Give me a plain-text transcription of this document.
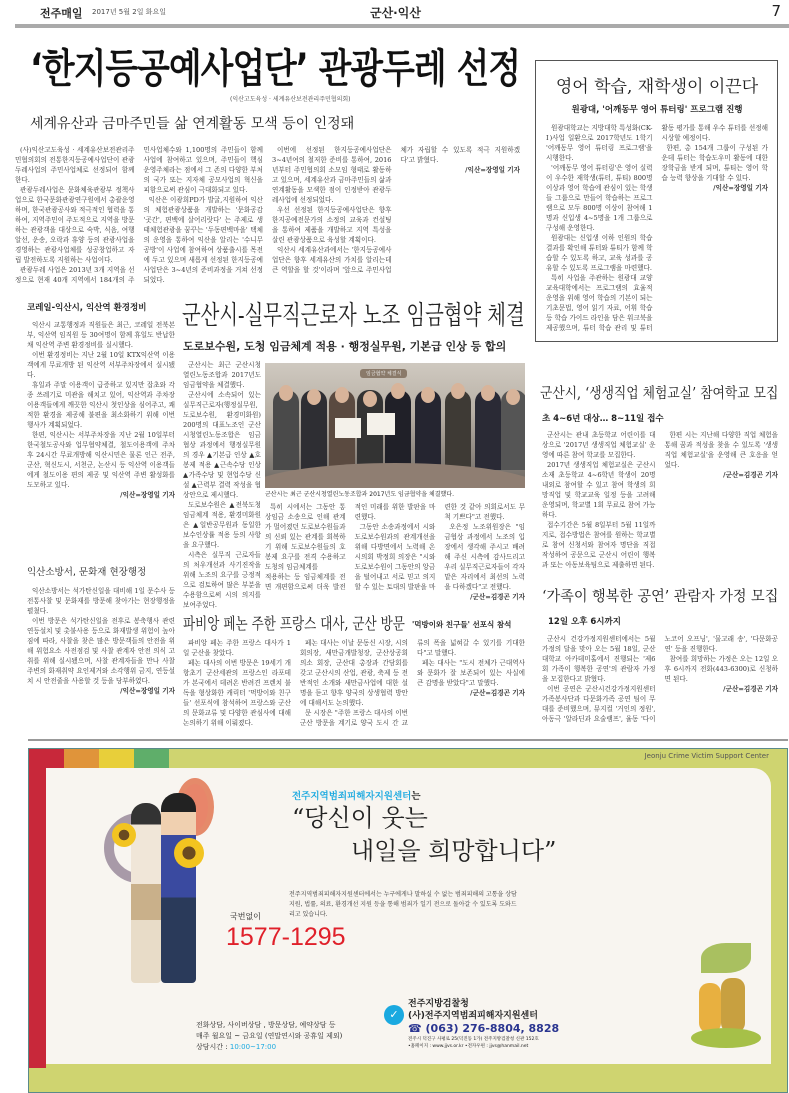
전주매일 2017년 5월 2일 화요일	군산·익산	7
‘한지등공예사업단’ 관광두레 선정
(익산고도육성 · 세계유산보전관리주민협의회)
세계유산과 금마주민들 삶 연계활동 모색 등이 인정돼

(사)익산고도육성 · 세계유산보전관리주민협의회의 전통한지등공예사업단이 관광두레사업의 주민사업체로 선정되어 함께 한다.

관광두레사업은 문화체육관광부 정책사업으로 한국문화관광연구원에서 총괄운영하며, 한국관광공사와 적극적인 협력을 통하여, 지역주민이 주도적으로 지역을 방문하는 관광객을 대상으로 숙박, 식음, 여행알선, 운송, 오락과 휴양 등의 관광사업을 경영하는 관광사업체를 성공창업하고 자립 발전하도록 지원하는 사업이다.

관광두레 사업은 2013년 3개 지역을 선정으로 현재 40개 지역에서 184개의 주민사업체수와 1,100명의 주민들이 함께 사업에 참여하고 있으며, 주민들이 핵심 운영주체라는 점에서 그 존의 다양한 부처의 국가 또는 지자체 공모사업의 혁신을 피함으로써 관심이 극대화되고 있다.

익산은 이광희PD가 발굴,지원하여 익산의 체험관광상품을 개발하는 '문화공감 '곳간', 편백에 살어리랏다' 는 주제로 생태체험관광을 꿈꾸는 '두동편백마을' 택체의 운영을 통하여 익산을 알리는 '수니무공방'이 사업에 참여하여 상품출시를 목전에 두고 있으며 새롭게 선정된 한지등공예사업단은 3~4년의 준비과정을 거쳐 선정되었다.

이번에 선정된 한지등공예사업단은 3~4년여의 철저한 준비를 통하여, 2016년부터 주민협의회 소모임 형태로 활동하고 있으며, 세계유산과 금마주민들의 삶과 연계활동을 모색한 점이 인정받아 관광두레사업에 선정되었다.

우선 선정된 한지등공예사업단은 향후 한지공예전문가의 소정의 교육과 컨설팅을 통하여 제품을 개발하고 지역 특성을 살린 관광상품으로 육성할 계획이다.

익산시 세계유산과에서는 '한지등공예사업단은 향후 세계유산의 가치를 알리는데 큰 역할을 할 것'이라며 '앞으로 주민사업체가 자립할 수 있도록 적극 지원하겠다'고 밝혔다.

/익산=장영일 기자
영어 학습, 재학생이 이끈다
원광대, '어깨동무 영어 튜터링' 프로그램 진행

원광대학교는 지방대학 특성화(CK-Ⅰ)사업 일환으로 2017학년도 1학기 '어깨동무 영어 튜터링 프로그램'을 시행한다.

'어깨동무 영어 튜터링'은 영어 실력이 우수한 재학생(튜터, 튜티) 800명 이상과 영어 학습에 관심이 있는 학생들 그룹으로 만들어 학습하는 프로그램으로 모두 800명 이상이 참여해 1명과 신입생 4~5명을 1개 그룹으로 구성해 운영한다.

원광대는 신입생 이하 인원의 학습결과를 확인해 튜터와 튜티가 함께 학습할 수 있도록 하고, 교육 성과를 공유할 수 있도록 프로그램을 마련했다.

특히 사업을 주관하는 원광대 교양교육대학에서는 프로그램의 효율적 운영을 위해 영어 학습의 기본이 되는 기초문법, 영어 읽기 자료, 어휘 학습 등 학습 가이드 라인을 담은 워크북을 제공했으며, 튜터 학습 관리 및 튜터 활동 평가를 통해 우수 튜터를 선정해 시상할 예정이다.

한편, 총 154개 그룹이 구성된 가운데 튜터는 학습도우미 활동에 대한 장학금을 받게 되며, 튜티는 영어 학습 능력 향상을 기대할 수 있다.

/익산=장영일 기자
코레일-익산시, 익산역 환경정비

익산시 교통행정과 직원들은 최근, 코레일 전북본부, 익산역 임직원 등 30여명이 함께 휴일도 반납한 채 익산역 주변 환경정비를 실시했다.

이번 환경정비는 지난 2월 10일 KTX익산역 이용객에게 무료개방 된 익산역 서부주차장에서 실시됐다.

휴일과 주말 이용객이 급증하고 있지만 잡초와 각종 쓰레기로 미관을 해치고 있어, 익산역과 주차장 이용객들에게 깨끗한 익산시 첫인상을 심어주고, 쾌적한 환경을 제공해 불편을 최소화하기 위해 이번 행사가 계획되었다.

한편, 익산시는 서부주차장을 지난 2월 10일부터 한국철도공사와 업무협약체결, 철도이용객에 주차 후 24시간 무료개방해 익산시민은 물론 인근 전주, 군산, 혁신도시, 서천군, 논산시 등 익산역 이용객들에게 철도이용 편의 제공 및 익산역 주변 활성화를 도모하고 있다.

/익산=장영일 기자
익산소방서, 문화재 현장행정

익산소방서는 석가탄신일을 대비해 1일 문수사 등 전통사찰 및 문화재를 방문해 찾아가는 현장행정을 펼쳤다.

이번 방문은 석가탄신일을 전후로 봉축행사 관련 연등설치 및 촛불사용 등으로 화재발생 위험이 높아짐에 따라, 사찰을 찾은 많은 방문객들의 안전을 위해 위험요소 사전점검 및 사찰 관계자 안전 의식 고취를 위해 실시됐으며, 사찰 관계자들을 만나 사찰 주변의 화재취약 요인제거와 소각행위 금지, 연등설치 시 안전줄을 사용할 것 등을 당부하였다.

/익산=장영일 기자
군산시-실무직근로자 노조 임금협약 체결
도로보수원, 도청 임금체계 적용 · 행정실무원, 기본급 인상 등 합의

군산시는 최근 군산시청열린노동조합과 2017년도 임금협약을 체결했다.

군산시에 소속되어 있는 실무직근로자(행정실무원, 도로보수원, 환경미화원) 200명의 대표노조인 군산시청열린노동조합은 임금협상 과정에서 행정실무원의 경우 ▲기본급 인상 ▲호봉제 적용 ▲근속수당 인상 ▲가족수당 및 현업수당 신설 ▲근력부 결력 작성을 협상안으로 제시했다.

도로보수원은 ▲전북도청 임금체계 적용, 환경미화원은 ▲일반공무원과 동일한 보수인상률 적용 등의 사항을 요구했다.

시측은 실무직 근로자들의 처우개선과 사기진작을 위해 노조의 요구를 긍정적으로 검토하여 많은 부분을 수용함으로써 시의 의지를 보여주었다.

임금협약 체결식
군산시는 최근 군산시청열린노동조합과 2017년도 임금협약을 체결했다.

특히 시에서는 그동안 통상임금 소송으로 인해 관계가 멀어졌던 도로보수원들과의 신뢰 있는 관계를 회복하기 위해 도로보수원들의 호봉제 요구를 전격 수용하고 도청의 임금체계를

적용하는 등 임금체계를 전면 개편함으로써 더욱 발전적인 미래를 위한 발판을 마련했다.

그동안 소송과정에서 시와 도로보수원과의 관계개선을 위해 다방면에서 노력해 온 시의회 박정희 의장은 "시와 도로보수원이 그동안의 앙금을 털어내고 서로 믿고 의지할 수 있는 토대의 발판을 마련한 것 같아 의회로서도 무척 기쁘다"고 전했다.

오은정 노조위원장은 "임금협상 과정에서 노조의 입장에서 생각해 주시고 배려해 주신 시측에 감사드리고 우리 실무직근로자들이 각자 맡은 자리에서 최선의 노력을 다하겠다"고 전했다.

/군산=김경곤 기자
파비앙 페논 주한 프랑스 대사, 군산 방문 '먹방이와 친구들' 선포식 참석

파비앙 페논 주한 프랑스 대사가 1일 군산을 찾았다.

페논 대사의 이번 방문은 19세기 개항초기 군산세관의 프랑스인 라포테가 본국에서 데려온 반려견 프렌치 불독을 형상화한 캐릭터 '먹방이와 친구들' 선포식에 참석하여 프랑스와 군산의 문화교류 및 다양한 관심사에 대해 논의하기 위해 이뤄졌다.

페논 대사는 이날 문동신 시장, 시의회의장, 새만금개발청장, 군산상공회의소 회장, 군산대 총장과 간담회를 갖고 군산시의 산업, 관광, 축제 등 전반적인 소개와 새만금사업에 대한 설명을 듣고 향후 양국의 상생협력 방안에 대해서도 논의했다.

문 시장은 "주한 프랑스 대사의 이번 군산 방문을 계기로 양국 도시 간 교류의 폭을 넓혀갈 수 있기를 기대한다"고 말했다.

페논 대사는 "도시 전체가 근대역사와 문화가 잘 보존되어 있는 사실에 큰 감명을 받았다"고 말했다.

/군산=김경곤 기자
군산시, ‘생생직업 체험교실’ 참여학교 모집
초 4~6년 대상… 8~11일 접수

군산시는 관내 초등학교 어린이를 대상으로 '2017년 생생직업 체험교실' 운영에 따른 참여 학교를 모집한다.

2017년 생생직업 체험교실은 군산시 소재 초등학교 4~6학년 학생이 20명 내외로 참여할 수 있고 참여 학생의 희망직업 및 학교교육 일정 등을 고려해 운영되며, 학교별 1회 무료로 참여 가능하다.

접수기간은 5월 8일부터 5월 11일까지로, 접수방법은 참여를 원하는 학교별로 참여 신청서와 참여자 명단을 직접 작성하여 공문으로 군산시 어린이 행복과 또는 아동보육팀으로 제출하면 된다.

한편 시는 지난해 다양한 직업 체험을 통해 꿈과 적성을 찾을 수 있도록 '생생직업 체험교실'을 운영해 큰 호응을 얻었다.

/군산=김경곤 기자
‘가족이 행복한 공연’ 관람자 가정 모집
12일 오후 6시까지

군산시 건강가정지원센터에서는 5월 가정의 달을 맞아 오는 5월 18일, 군산대학교 아카데미홀에서 진행되는 '제6회 가족이 행복한 공연'의 관람자 가정을 모집한다고 밝혔다.

이번 공연은 군산시건강가정지원센터 가족봉사단과 다문화가족 공연 팀이 무대를 준비했으며, 뮤지컬 '거인의 정원', 아동극 '알라딘과 요술램프', 율동 '다이노코어 오프닝', '물고래 송', '다문화공연' 등을 진행한다.

참여를 희망하는 가정은 오는 12일 오후 6시까지 전화(443-6300)로 신청하면 된다.

/군산=김경곤 기자
Jeonju Crime Victim Support Center
전주지역범죄피해자지원센터는
“당신이 웃는
내일을 희망합니다”
전주지역범죄피해자지원센터에서는 누구에게나 말하실 수 없는 범죄피해의 고통을 상담지원, 법률, 의료, 환경개선 지원 등을 통해 범죄가 일기 전으로 돌아갈 수 있도록 도와드리고 있습니다.
국번없이
1577-1295
전화상담, 사이버상담 , 방문상담, 예약상담 등
매주 월요일 ~ 금요일 (연말연시와 공휴일 제외)
상담시간 : 10:00~17:00
✓
전주지방검찰청
(사)전주지역범죄피해자지원센터
☎ (063) 276-8804, 8828
전주시 덕진구 사평로 25(덕진동 1가) 전주지방검찰청 신관 152호
•홈페이지 : www.jjvs.or.kr •전자우편 : jjvs@hanmail.net
